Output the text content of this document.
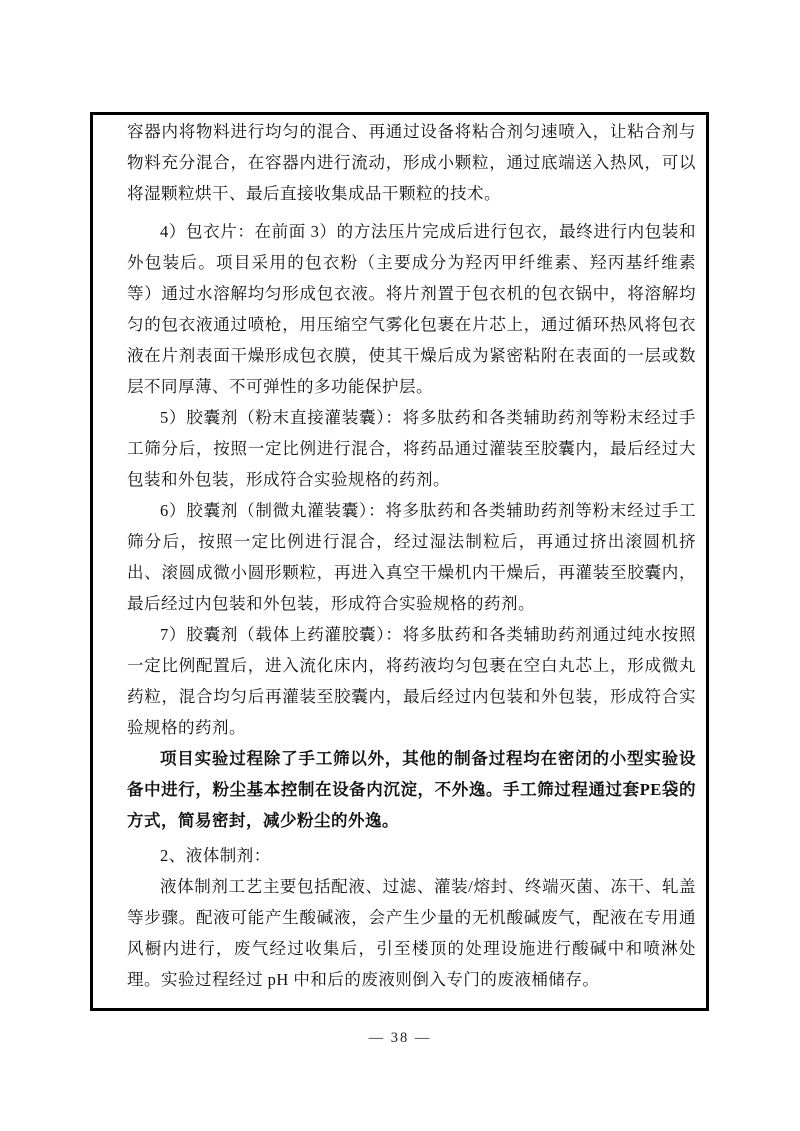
容器内将物料进行均匀的混合、再通过设备将粘合剂匀速喷入，让粘合剂与物料充分混合，在容器内进行流动，形成小颗粒，通过底端送入热风，可以将湿颗粒烘干、最后直接收集成品干颗粒的技术。

4）包衣片：在前面 3）的方法压片完成后进行包衣，最终进行内包装和外包装后。项目采用的包衣粉（主要成分为羟丙甲纤维素、羟丙基纤维素等）通过水溶解均匀形成包衣液。将片剂置于包衣机的包衣锅中，将溶解均匀的包衣液通过喷枪，用压缩空气雾化包裹在片芯上，通过循环热风将包衣液在片剂表面干燥形成包衣膜，使其干燥后成为紧密粘附在表面的一层或数层不同厚薄、不可弹性的多功能保护层。

5）胶囊剂（粉末直接灌装囊）：将多肽药和各类辅助药剂等粉末经过手工筛分后，按照一定比例进行混合，将药品通过灌装至胶囊内，最后经过大包装和外包装，形成符合实验规格的药剂。

6）胶囊剂（制微丸灌装囊）：将多肽药和各类辅助药剂等粉末经过手工筛分后，按照一定比例进行混合，经过湿法制粒后，再通过挤出滚圆机挤出、滚圆成微小圆形颗粒，再进入真空干燥机内干燥后，再灌装至胶囊内，最后经过内包装和外包装，形成符合实验规格的药剂。

7）胶囊剂（载体上药灌胶囊）：将多肽药和各类辅助药剂通过纯水按照一定比例配置后，进入流化床内，将药液均匀包裹在空白丸芯上，形成微丸药粒，混合均匀后再灌装至胶囊内，最后经过内包装和外包装，形成符合实验规格的药剂。

项目实验过程除了手工筛以外，其他的制备过程均在密闭的小型实验设备中进行，粉尘基本控制在设备内沉淀，不外逸。手工筛过程通过套PE袋的方式，简易密封，减少粉尘的外逸。

2、液体制剂：

液体制剂工艺主要包括配液、过滤、灌装/熔封、终端灭菌、冻干、轧盖等步骤。配液可能产生酸碱液，会产生少量的无机酸碱废气，配液在专用通风橱内进行，废气经过收集后，引至楼顶的处理设施进行酸碱中和喷淋处理。实验过程经过 pH 中和后的废液则倒入专门的废液桶储存。

— 38 —
